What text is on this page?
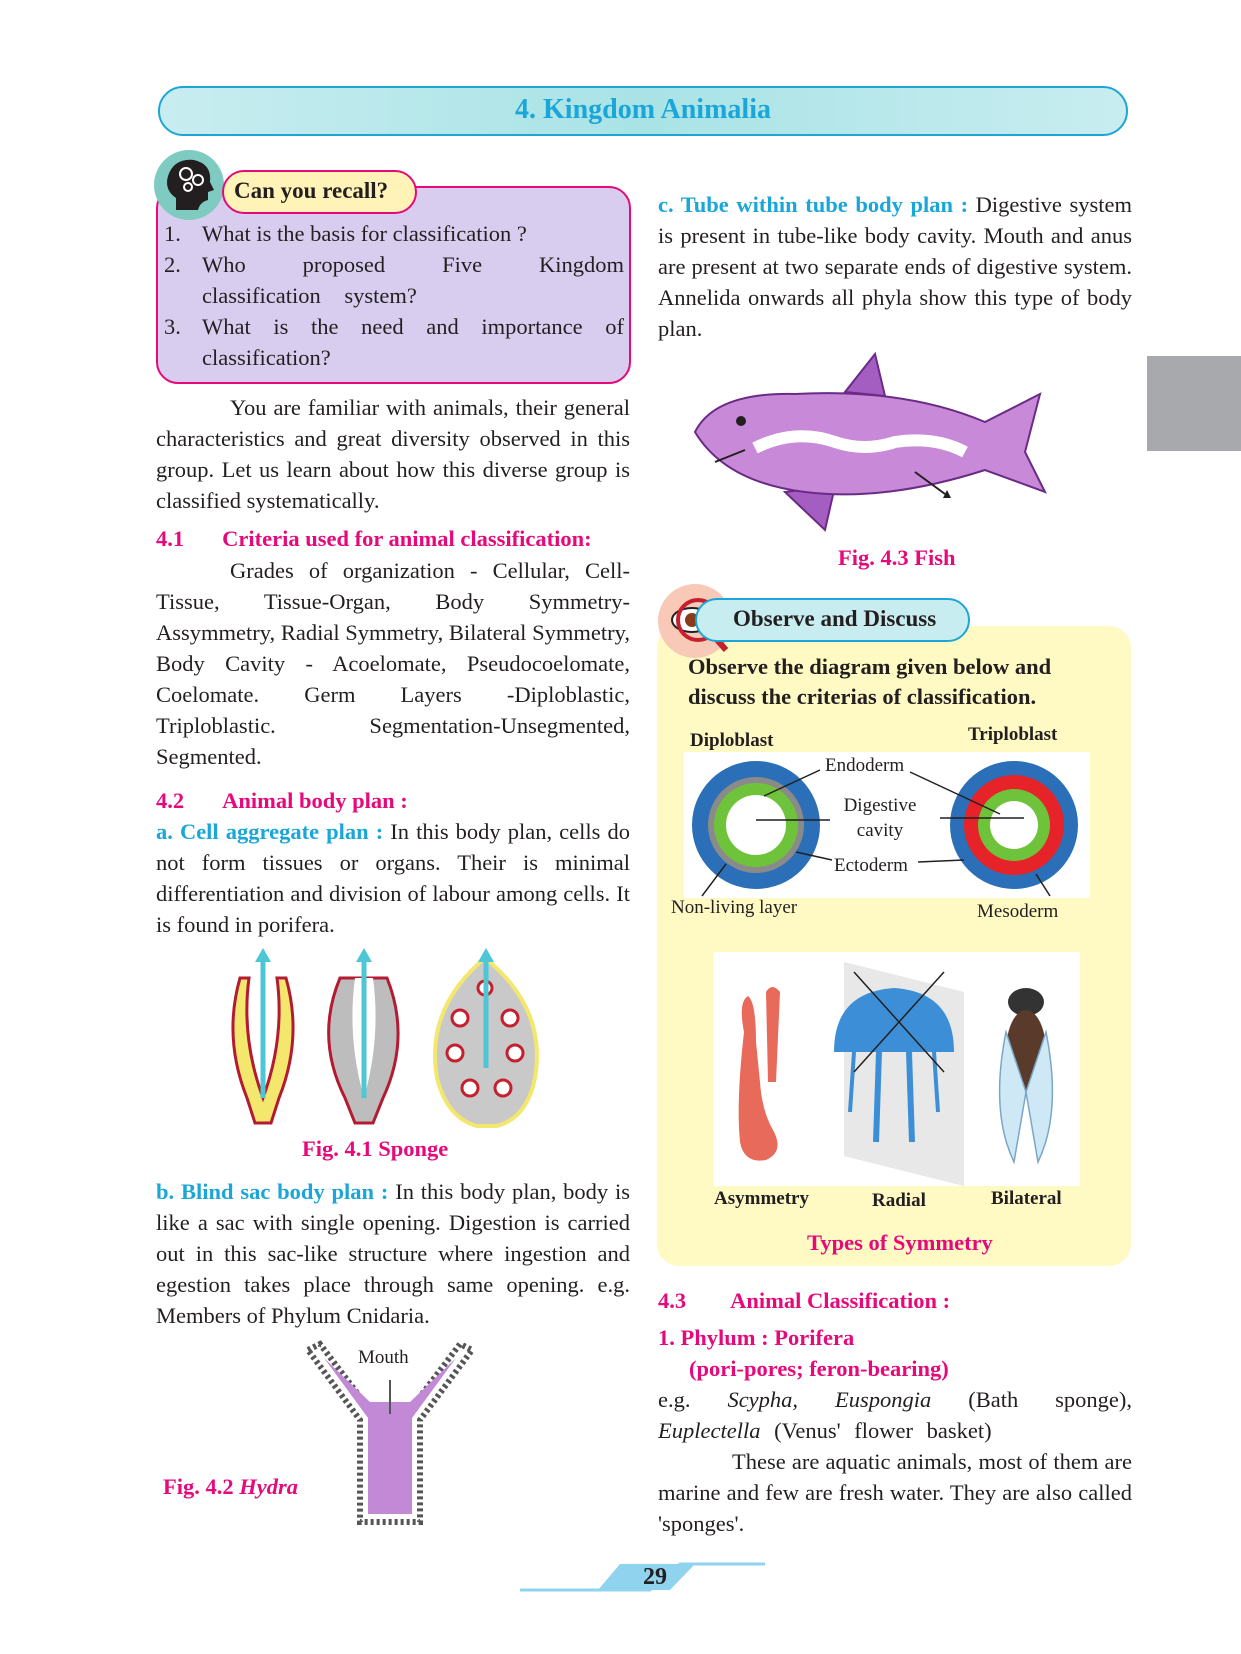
4. Kingdom Animalia
Can you recall?
1. What is the basis for classification ?
2. Who proposed Five Kingdom classification system?
3. What is the need and importance of classification?
You are familiar with animals, their general characteristics and great diversity observed in this group. Let us learn about how this diverse group is classified systematically.
4.1 Criteria used for animal classification:
Grades of organization - Cellular, Cell-Tissue, Tissue-Organ, Body Symmetry-Assymmetry, Radial Symmetry, Bilateral Symmetry, Body Cavity - Acoelomate, Pseudocoelomate, Coelomate. Germ Layers -Diploblastic, Triploblastic. Segmentation-Unsegmented, Segmented.
4.2 Animal body plan :
a. Cell aggregate plan : In this body plan, cells do not form tissues or organs. Their is minimal differentiation and division of labour among cells. It is found in porifera.
Fig. 4.1 Sponge
b. Blind sac body plan : In this body plan, body is like a sac with single opening. Digestion is carried out in this sac-like structure where ingestion and egestion takes place through same opening. e.g. Members of Phylum Cnidaria.
Mouth
Fig. 4.2 Hydra
c. Tube within tube body plan : Digestive system is present in tube-like body cavity. Mouth and anus are present at two separate ends of digestive system. Annelida onwards all phyla show this type of body plan.
Fig. 4.3 Fish
Observe and Discuss
Observe the diagram given below and discuss the criterias of classification.
Diploblast	Triploblast
Endoderm
Digestive
cavity
Ectoderm
Non-living layer	Mesoderm
Asymmetry	Radial	Bilateral
Types of Symmetry
4.3 Animal Classification :
1. Phylum : Porifera
(pori-pores; feron-bearing)
e.g. Scypha, Euspongia (Bath sponge), Euplectella (Venus' flower basket)
These are aquatic animals, most of them are marine and few are fresh water. They are also called 'sponges'.
29
